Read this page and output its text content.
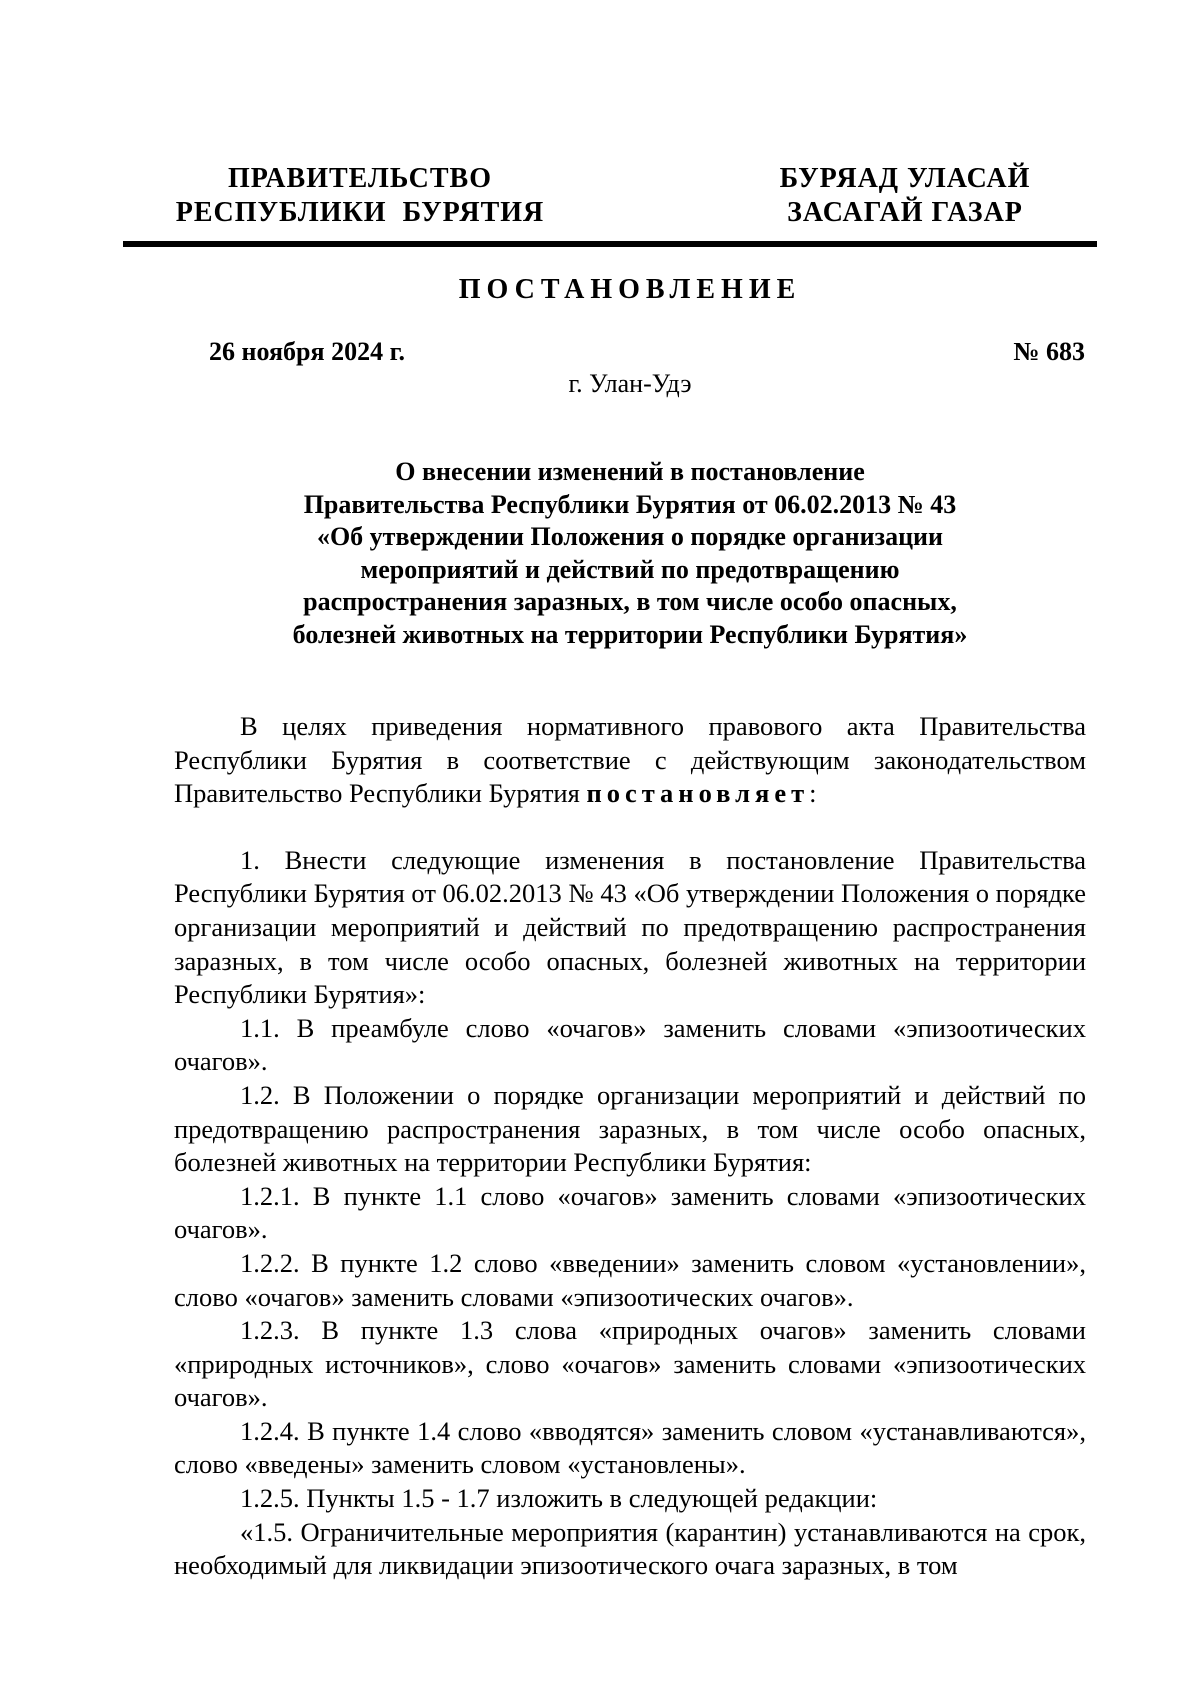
ПРАВИТЕЛЬСТВО
РЕСПУБЛИКИ  БУРЯТИЯ
БУРЯАД УЛАСАЙ
ЗАСАГАЙ ГАЗАР
ПОСТАНОВЛЕНИЕ
26 ноября 2024 г.	№ 683
г. Улан-Удэ
О внесении изменений в постановление
Правительства Республики Бурятия от 06.02.2013 № 43
«Об утверждении Положения о порядке организации
мероприятий и действий по предотвращению
распространения заразных, в том числе особо опасных,
болезней животных на территории Республики Бурятия»

В целях приведения нормативного правового акта Правительства Республики Бурятия в соответствие с действующим законодательством Правительство Республики Бурятия постановляет:

1. Внести следующие изменения в постановление Правительства Республики Бурятия от 06.02.2013 № 43 «Об утверждении Положения о порядке организации мероприятий и действий по предотвращению распространения заразных, в том числе особо опасных, болезней животных на территории Республики Бурятия»:

1.1. В преамбуле слово «очагов» заменить словами «эпизоотических очагов».

1.2. В Положении о порядке организации мероприятий и действий по предотвращению распространения заразных, в том числе особо опасных, болезней животных на территории Республики Бурятия:

1.2.1. В пункте 1.1 слово «очагов» заменить словами «эпизоотических очагов».

1.2.2. В пункте 1.2 слово «введении» заменить словом «установлении», слово «очагов» заменить словами «эпизоотических очагов».

1.2.3. В пункте 1.3 слова «природных очагов» заменить словами «природных источников», слово «очагов» заменить словами «эпизоотических очагов».

1.2.4. В пункте 1.4 слово «вводятся» заменить словом «устанавливаются», слово «введены» заменить словом «установлены».

1.2.5. Пункты 1.5 - 1.7 изложить в следующей редакции:

«1.5. Ограничительные мероприятия (карантин) устанавливаются на срок, необходимый для ликвидации эпизоотического очага заразных, в том
